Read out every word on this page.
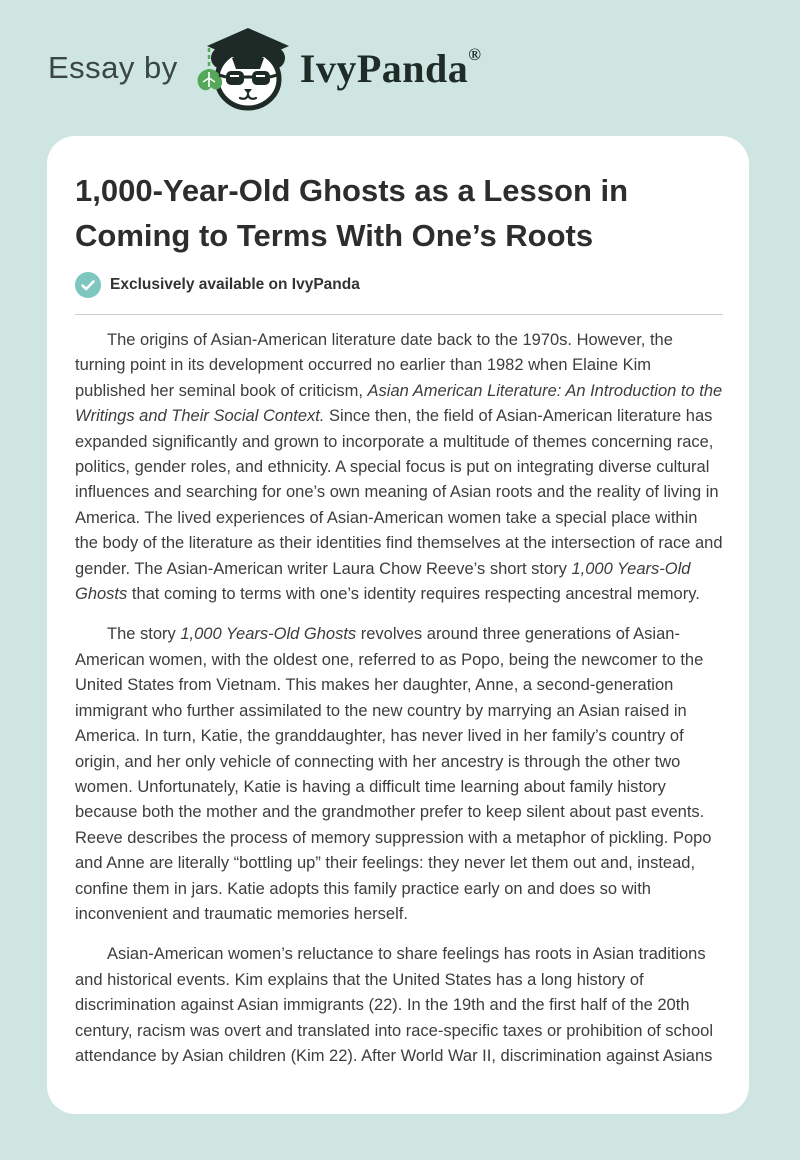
Essay by	IvyPanda®
1,000-Year-Old Ghosts as a Lesson in Coming to Terms With One’s Roots
Exclusively available on IvyPanda

The origins of Asian-American literature date back to the 1970s. However, the turning point in its development occurred no earlier than 1982 when Elaine Kim published her seminal book of criticism, Asian American Literature: An Introduction to the Writings and Their Social Context. Since then, the field of Asian-American literature has expanded significantly and grown to incorporate a multitude of themes concerning race, politics, gender roles, and ethnicity. A special focus is put on integrating diverse cultural influences and searching for one’s own meaning of Asian roots and the reality of living in America. The lived experiences of Asian-American women take a special place within the body of the literature as their identities find themselves at the intersection of race and gender. The Asian-American writer Laura Chow Reeve’s short story 1,000 Years-Old Ghosts that coming to terms with one’s identity requires respecting ancestral memory.

The story 1,000 Years-Old Ghosts revolves around three generations of Asian-American women, with the oldest one, referred to as Popo, being the newcomer to the United States from Vietnam. This makes her daughter, Anne, a second-generation immigrant who further assimilated to the new country by marrying an Asian raised in America. In turn, Katie, the granddaughter, has never lived in her family’s country of origin, and her only vehicle of connecting with her ancestry is through the other two women. Unfortunately, Katie is having a difficult time learning about family history because both the mother and the grandmother prefer to keep silent about past events. Reeve describes the process of memory suppression with a metaphor of pickling. Popo and Anne are literally “bottling up” their feelings: they never let them out and, instead, confine them in jars. Katie adopts this family practice early on and does so with inconvenient and traumatic memories herself.

Asian-American women’s reluctance to share feelings has roots in Asian traditions and historical events. Kim explains that the United States has a long history of discrimination against Asian immigrants (22). In the 19th and the first half of the 20th century, racism was overt and translated into race-specific taxes or prohibition of school attendance by Asian children (Kim 22). After World War II, discrimination against Asians
